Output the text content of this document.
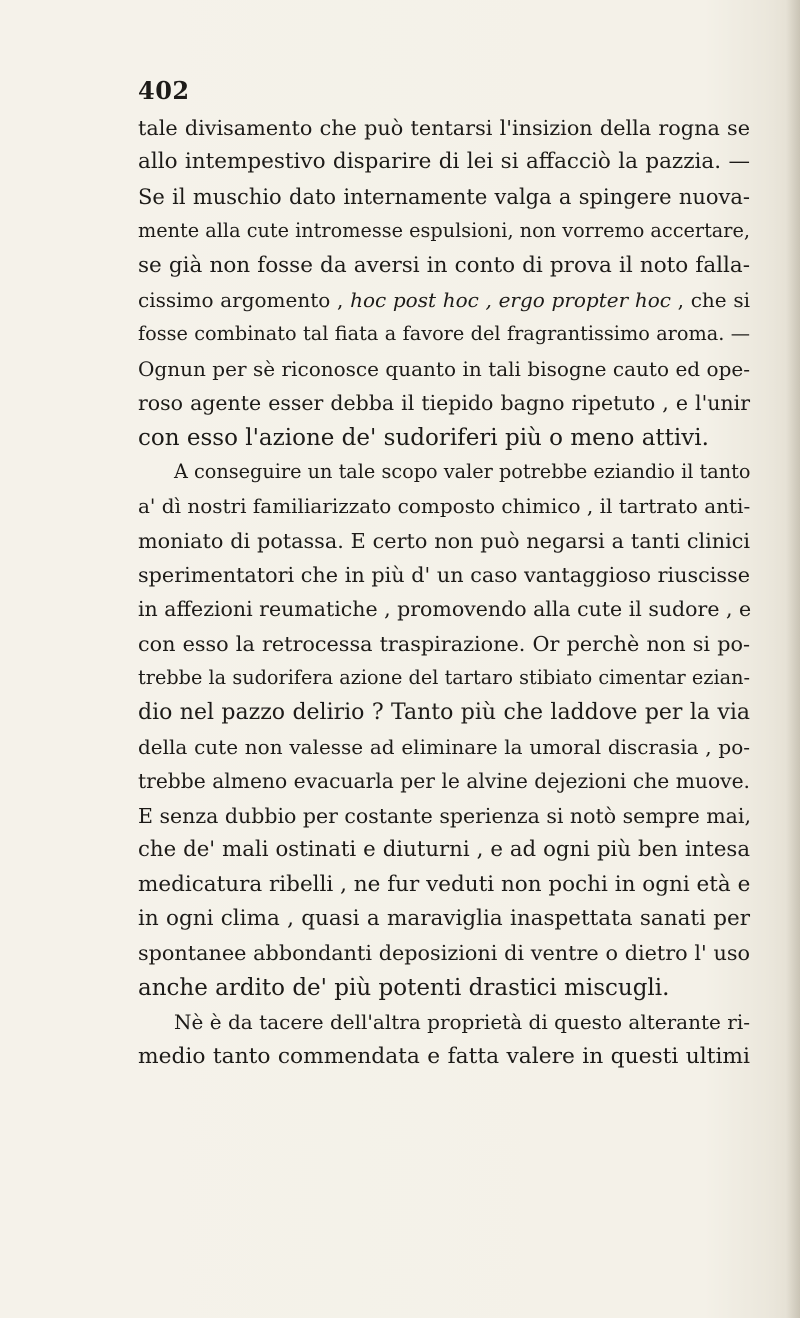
402
tale divisamento che può tentarsi l'insizion della rogna se
allo intempestivo disparire di lei si affacciò la pazzia. —
Se il muschio dato internamente valga a spingere nuova-
mente alla cute intromesse espulsioni, non vorremo accertare,
se già non fosse da aversi in conto di prova il noto falla-
cissimo argomento , hoc post hoc , ergo propter hoc , che si
fosse combinato tal fiata a favore del fragrantissimo aroma. —
Ognun per sè riconosce quanto in tali bisogne cauto ed ope-
roso agente esser debba il tiepido bagno ripetuto , e l'unir
con esso l'azione de' sudoriferi più o meno attivi.
A conseguire un tale scopo valer potrebbe eziandio il tanto
a' dì nostri familiarizzato composto chimico , il tartrato anti-
moniato di potassa. E certo non può negarsi a tanti clinici
sperimentatori che in più d' un caso vantaggioso riuscisse
in affezioni reumatiche , promovendo alla cute il sudore , e
con esso la retrocessa traspirazione. Or perchè non si po-
trebbe la sudorifera azione del tartaro stibiato cimentar ezian-
dio nel pazzo delirio ? Tanto più che laddove per la via
della cute non valesse ad eliminare la umoral discrasia , po-
trebbe almeno evacuarla per le alvine dejezioni che muove.
E senza dubbio per costante sperienza si notò sempre mai,
che de' mali ostinati e diuturni , e ad ogni più ben intesa
medicatura ribelli , ne fur veduti non pochi in ogni età e
in ogni clima , quasi a maraviglia inaspettata sanati per
spontanee abbondanti deposizioni di ventre o dietro l' uso
anche ardito de' più potenti drastici miscugli.
Nè è da tacere dell'altra proprietà di questo alterante ri-
medio tanto commendata e fatta valere in questi ultimi
